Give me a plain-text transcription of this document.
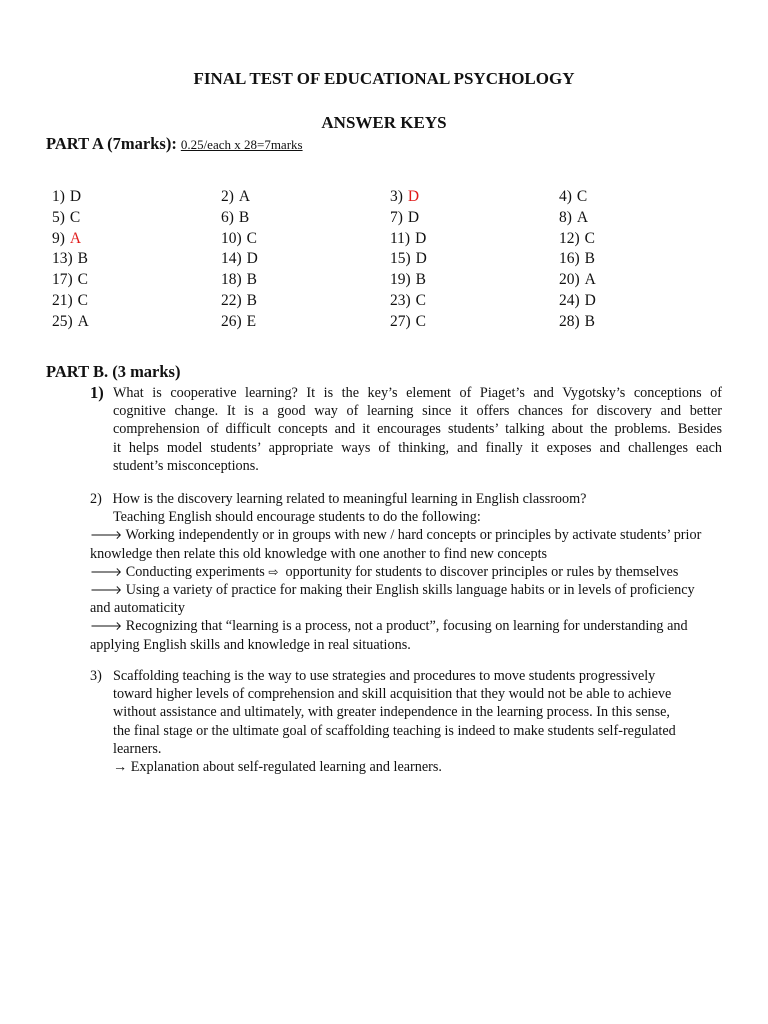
FINAL TEST OF EDUCATIONAL PSYCHOLOGY
ANSWER KEYS
PART A (7marks): 0.25/each x 28=7marks
1) D	2) A	3) D	4) C
5) C	6) B	7) D	8) A
9) A	10) C	11) D	12) C
13) B	14) D	15) D	16) B
17) C	18) B	19) B	20) A
21) C	22) B	23) C	24) D
25) A	26) E	27) C	28) B
PART B. (3 marks)
1) What is cooperative learning? It is the key’s element of Piaget’s and Vygotsky’s conceptions of
cognitive change. It is a good way of learning since it offers chances for discovery and better
comprehension of difficult concepts and it encourages students’ talking about the problems. Besides
it helps model students’ appropriate ways of thinking, and finally it exposes and challenges each
student’s misconceptions.
2) How is the discovery learning related to meaningful learning in English classroom?
Teaching English should encourage students to do the following:
🡒 Working independently or in groups with new / hard concepts or principles by activate students’ prior
knowledge then relate this old knowledge with one another to find new concepts
🡒 Conducting experiments ⇨ opportunity for students to discover principles or rules by themselves
🡒 Using a variety of practice for making their English skills language habits or in levels of proficiency
and automaticity
🡒 Recognizing that “learning is a process, not a product”, focusing on learning for understanding and
applying English skills and knowledge in real situations.
3) Scaffolding teaching is the way to use strategies and procedures to move students progressively
toward higher levels of comprehension and skill acquisition that they would not be able to achieve
without assistance and ultimately, with greater independence in the learning process. In this sense,
the final stage or the ultimate goal of scaffolding teaching is indeed to make students self-regulated
learners.
→ Explanation about self-regulated learning and learners.
